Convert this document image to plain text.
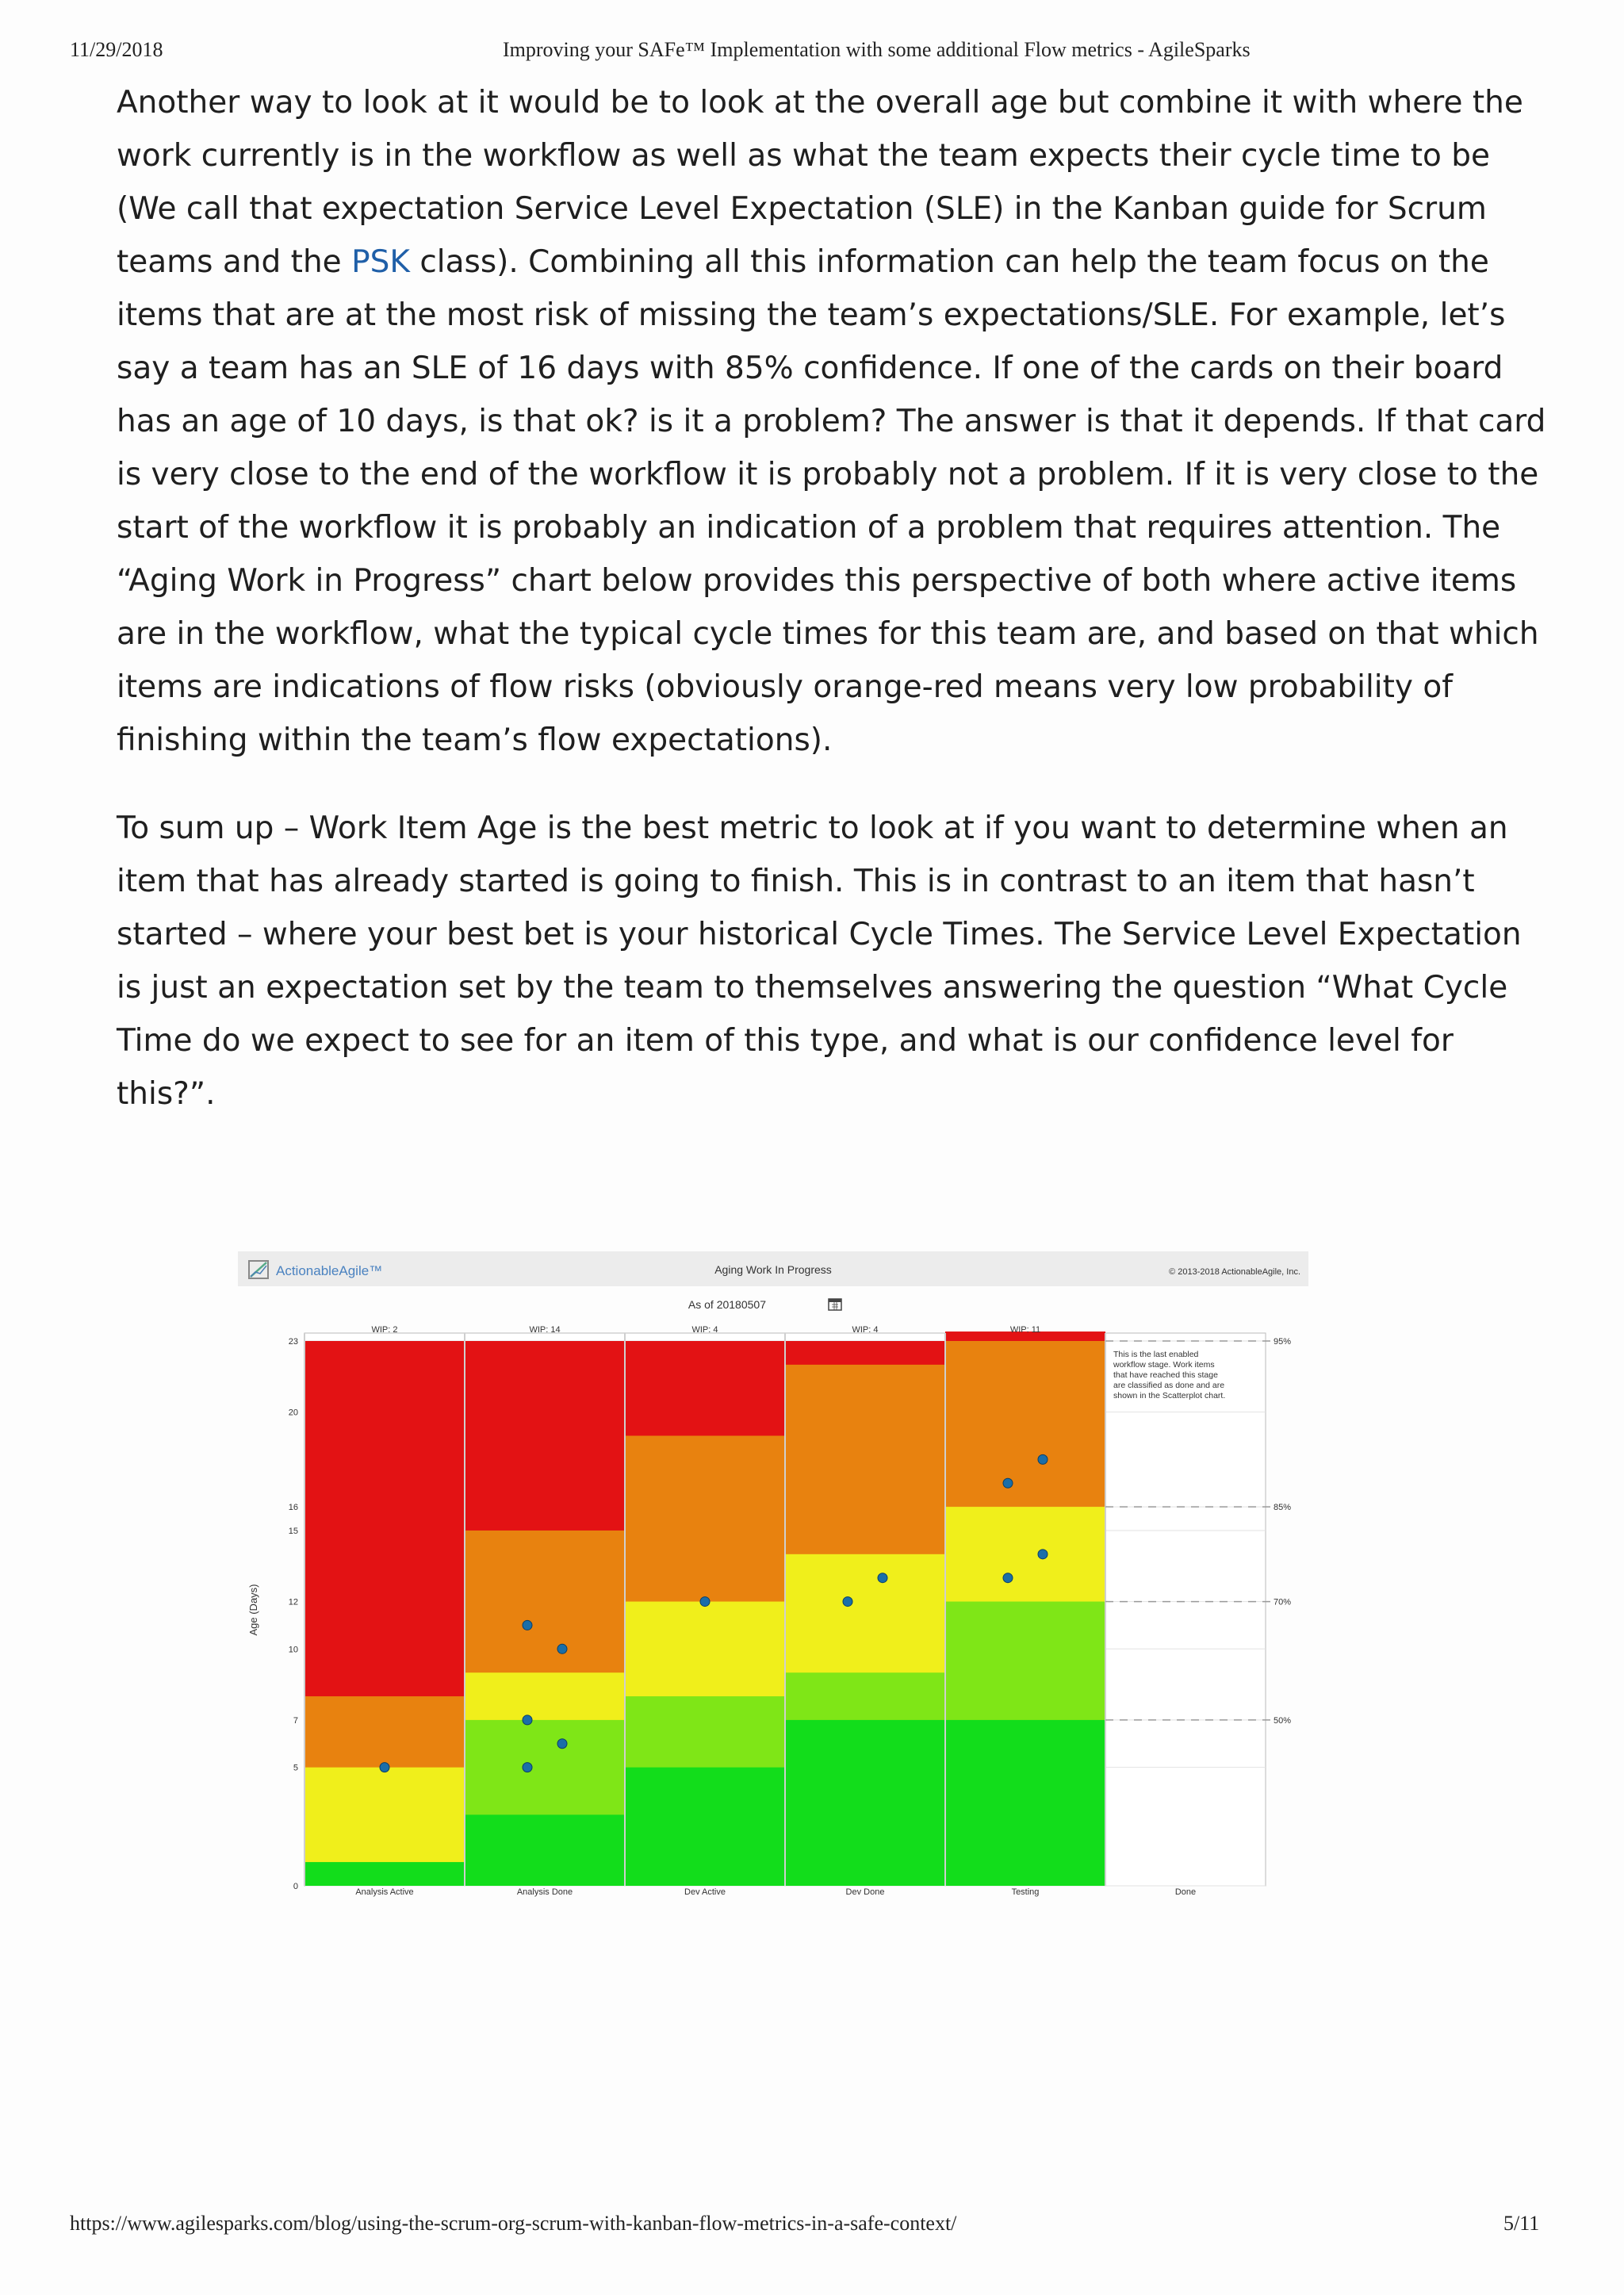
11/29/2018	Improving your SAFe™ Implementation with some additional Flow metrics - AgileSparks
Another way to look at it would be to look at the overall age but combine it with where the
work currently is in the workflow as well as what the team expects their cycle time to be
(We call that expectation Service Level Expectation (SLE) in the Kanban guide for Scrum
teams and the PSK class). Combining all this information can help the team focus on the
items that are at the most risk of missing the team’s expectations/SLE. For example, let’s
say a team has an SLE of 16 days with 85% confidence. If one of the cards on their board
has an age of 10 days, is that ok? is it a problem? The answer is that it depends. If that card
is very close to the end of the workflow it is probably not a problem. If it is very close to the
start of the workflow it is probably an indication of a problem that requires attention. The
“Aging Work in Progress” chart below provides this perspective of both where active items
are in the workflow, what the typical cycle times for this team are, and based on that which
items are indications of flow risks (obviously orange-red means very low probability of
finishing within the team’s flow expectations).
To sum up – Work Item Age is the best metric to look at if you want to determine when an
item that has already started is going to finish. This is in contrast to an item that hasn’t
started – where your best bet is your historical Cycle Times. The Service Level Expectation
is just an expectation set by the team to themselves answering the question “What Cycle
Time do we expect to see for an item of this type, and what is our confidence level for
this?”.
ActionableAgile™	Aging Work In Progress	© 2013-2018 ActionableAgile, Inc.
As of 20180507
Age (Days)
0
5
7
10
12
15
16
20
23
Analysis Active
WIP: 2
Analysis Done
WIP: 14
Dev Active
WIP: 4
Dev Done
WIP: 4
Testing
WIP: 11
Done
95%
85%
70%
50%
This is the last enabled
workflow stage. Work items
that have reached this stage
are classified as done and are
shown in the Scatterplot chart.
https://www.agilesparks.com/blog/using-the-scrum-org-scrum-with-kanban-flow-metrics-in-a-safe-context/	5/11
